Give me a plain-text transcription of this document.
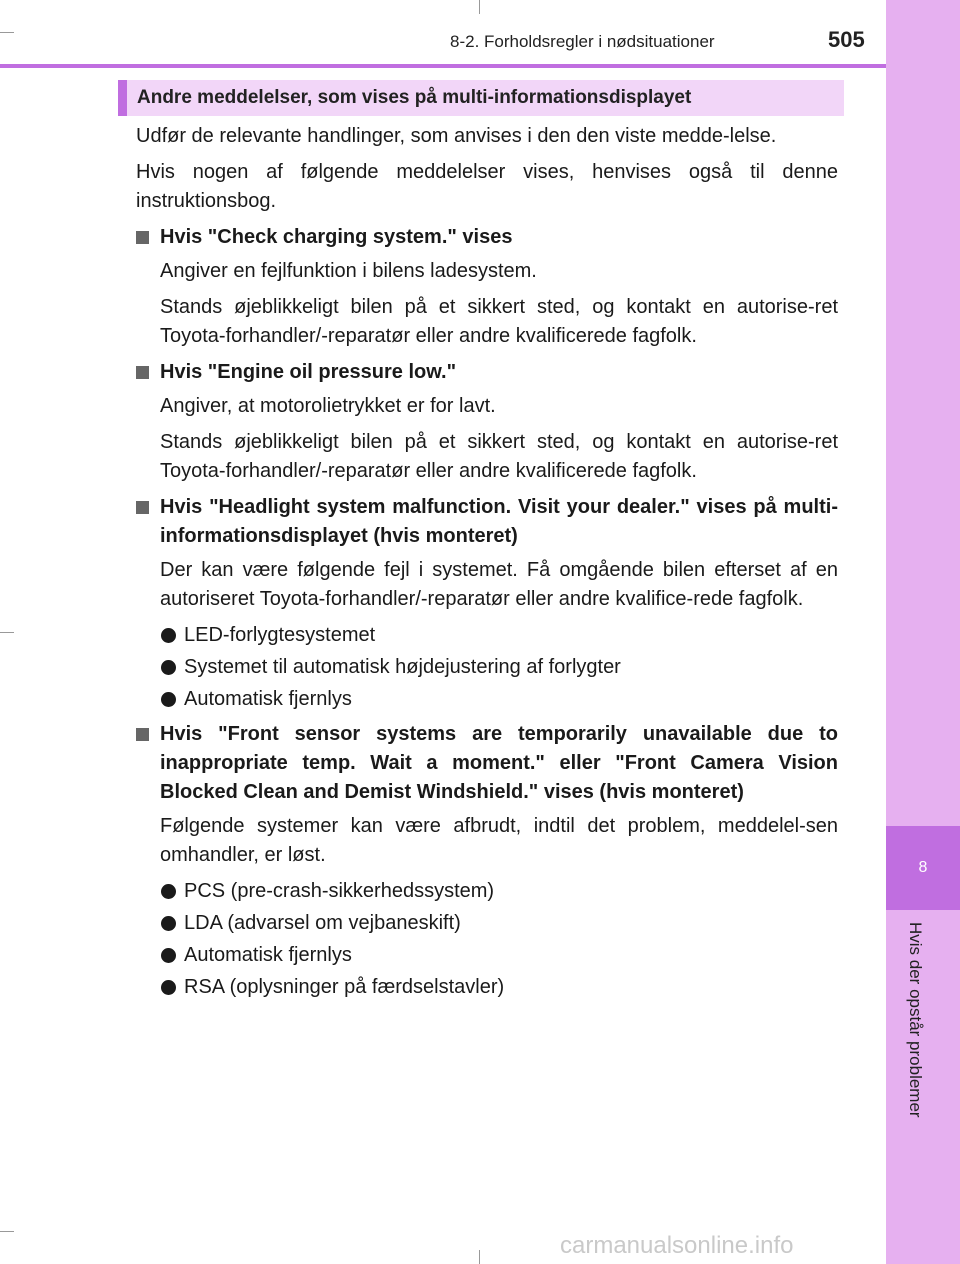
8
Hvis der opstår problemer
8-2. Forholdsregler i nødsituationer	505
Andre meddelelser, som vises på multi-informationsdisplayet

Udfør de relevante handlinger, som anvises i den den viste medde-lelse.

Hvis nogen af følgende meddelelser vises, henvises også til denne instruktionsbog.

Hvis "Check charging system." vises

Angiver en fejlfunktion i bilens ladesystem.

Stands øjeblikkeligt bilen på et sikkert sted, og kontakt en autorise-ret Toyota-forhandler/-reparatør eller andre kvalificerede fagfolk.

Hvis "Engine oil pressure low."

Angiver, at motorolietrykket er for lavt.

Stands øjeblikkeligt bilen på et sikkert sted, og kontakt en autorise-ret Toyota-forhandler/-reparatør eller andre kvalificerede fagfolk.

Hvis "Headlight system malfunction. Visit your dealer." vises på multi-informationsdisplayet (hvis monteret)

Der kan være følgende fejl i systemet. Få omgående bilen efterset af en autoriseret Toyota-forhandler/-reparatør eller andre kvalifice-rede fagfolk.

LED-forlygtesystemet
Systemet til automatisk højdejustering af forlygter
Automatisk fjernlys
Hvis "Front sensor systems are temporarily unavailable due to inappropriate temp. Wait a moment." eller "Front Camera Vision Blocked Clean and Demist Windshield." vises (hvis monteret)

Følgende systemer kan være afbrudt, indtil det problem, meddelel-sen omhandler, er løst.

PCS (pre-crash-sikkerhedssystem)
LDA (advarsel om vejbaneskift)
Automatisk fjernlys
RSA (oplysninger på færdselstavler)
carmanualsonline.info
